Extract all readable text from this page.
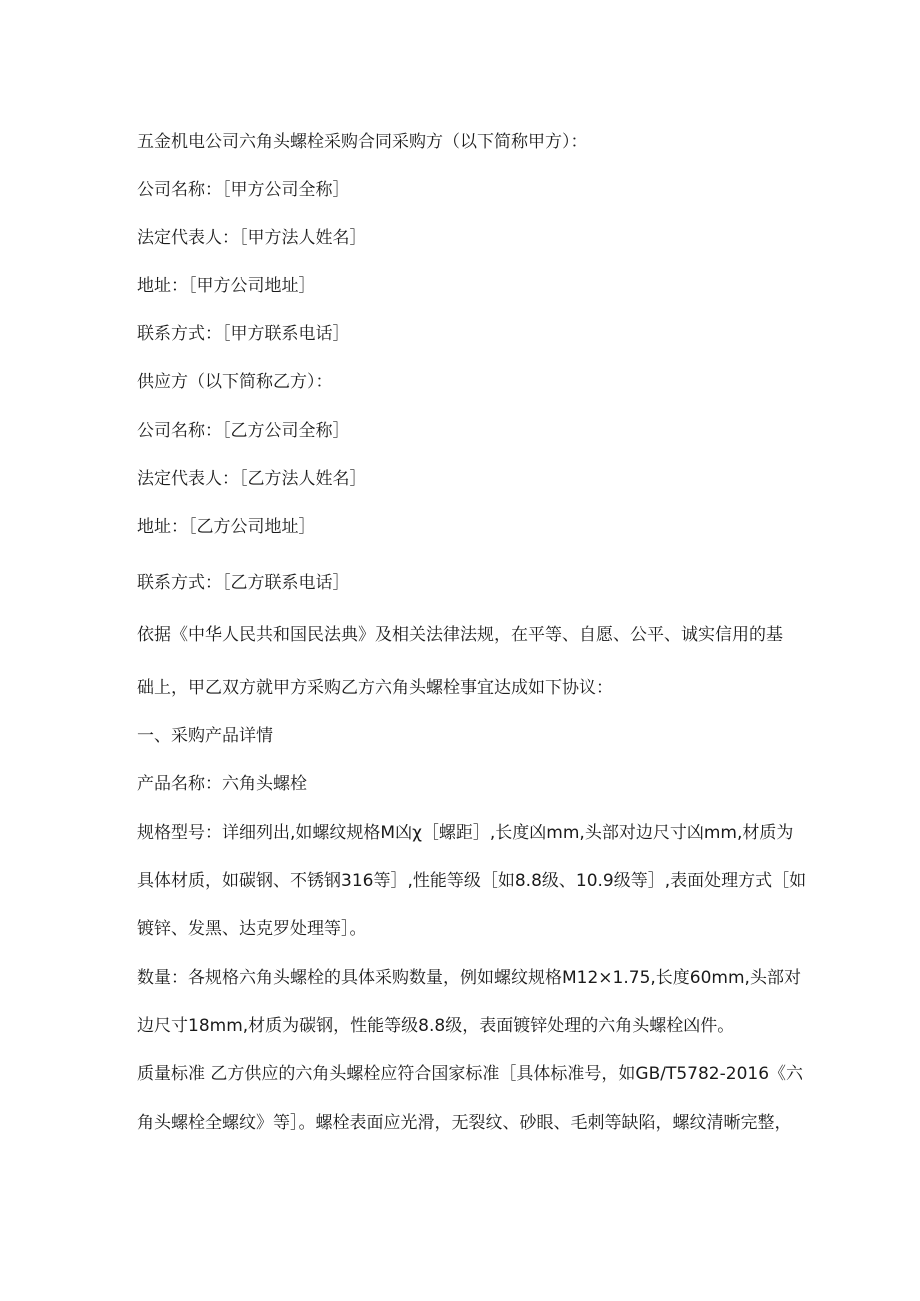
五金机电公司六角头螺栓采购合同采购方（以下简称甲方）：
公司名称：［甲方公司全称］
法定代表人：［甲方法人姓名］
地址：［甲方公司地址］
联系方式：［甲方联系电话］
供应方（以下简称乙方）：
公司名称：［乙方公司全称］
法定代表人：［乙方法人姓名］
地址：［乙方公司地址］
联系方式：［乙方联系电话］
依据《中华人民共和国民法典》及相关法律法规，在平等、自愿、公平、诚实信用的基
础上，甲乙双方就甲方采购乙方六角头螺栓事宜达成如下协议：
一、采购产品详情
产品名称：六角头螺栓
规格型号：详细列出,如螺纹规格M凶χ［螺距］,长度凶mm,头部对边尺寸凶mm,材质为
具体材质，如碳钢、不锈钢316等］,性能等级［如8.8级、10.9级等］,表面处理方式［如
镀锌、发黑、达克罗处理等］。
数量：各规格六角头螺栓的具体采购数量，例如螺纹规格M12×1.75,长度60mm,头部对
边尺寸18mm,材质为碳钢，性能等级8.8级，表面镀锌处理的六角头螺栓凶件。
质量标准 乙方供应的六角头螺栓应符合国家标准［具体标准号，如GB/T5782-2016《六
角头螺栓全螺纹》等］。螺栓表面应光滑，无裂纹、砂眼、毛刺等缺陷，螺纹清晰完整，
